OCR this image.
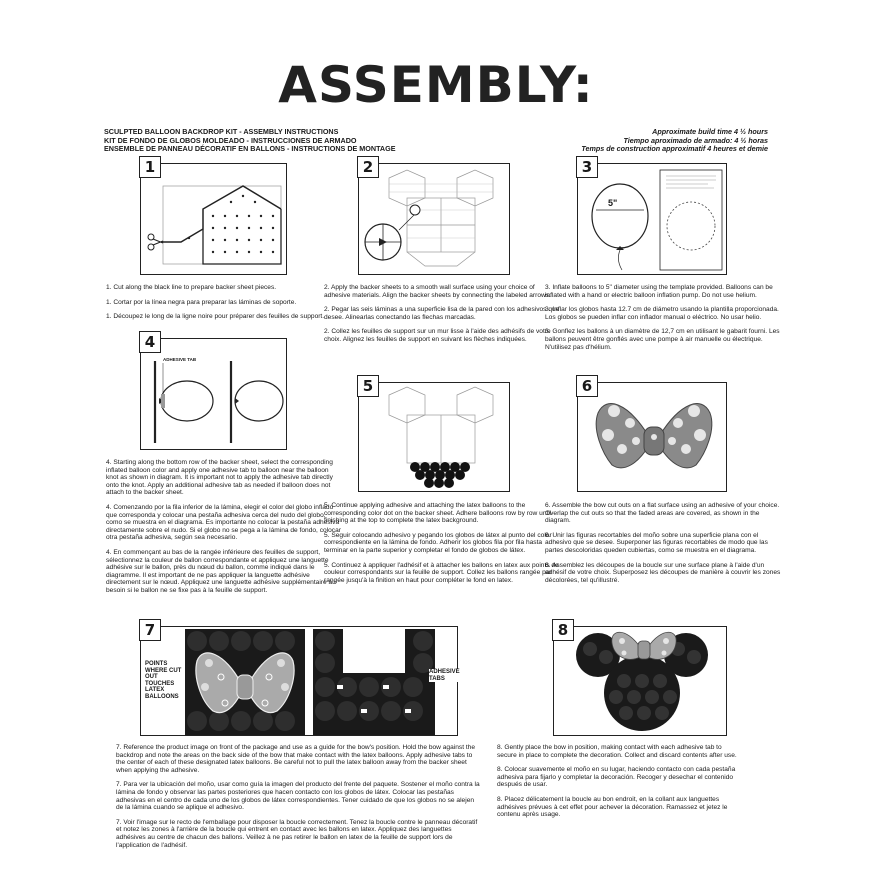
ASSEMBLY:
SCULPTED BALLOON BACKDROP KIT - ASSEMBLY INSTRUCTIONS
KIT DE FONDO DE GLOBOS MOLDEADO - INSTRUCCIONES DE ARMADO
ENSEMBLE DE PANNEAU DÉCORATIF EN BALLONS - INSTRUCTIONS DE MONTAGE
Approximate build time 4 ½ hours
Tiempo aproximado de armado: 4 ½ horas
Temps de construction approximatif 4 heures et demie
1

1. Cut along the black line to prepare backer sheet pieces.

1. Cortar por la línea negra para preparar las láminas de soporte.

1. Découpez le long de la ligne noire pour préparer des feuilles de support.

2

2. Apply the backer sheets to a smooth wall surface using your choice of adhesive materials. Align the backer sheets by connecting the labeled arrows.

2. Pegar las seis láminas a una superficie lisa de la pared con los adhesivos que desee. Alinearlas conectando las flechas marcadas.

2. Collez les feuilles de support sur un mur lisse à l'aide des adhésifs de votre choix. Alignez les feuilles de support en suivant les flèches indiquées.

3
5"

3. Inflate balloons to 5" diameter using the template provided. Balloons can be inflated with a hand or electric balloon inflation pump. Do not use helium.

3. Inflar los globos hasta 12.7 cm de diámetro usando la plantilla proporcionada. Los globos se pueden inflar con inflador manual o eléctrico. No usar helio.

3. Gonflez les ballons à un diamètre de 12,7 cm en utilisant le gabarit fourni. Les ballons peuvent être gonflés avec une pompe à air manuelle ou électrique. N'utilisez pas d'hélium.

4
ADHESIVE TAB

4. Starting along the bottom row of the backer sheet, select the corresponding inflated balloon color and apply one adhesive tab to balloon near the balloon knot as shown in diagram. It is important not to apply the adhesive tab directly onto the knot. Apply an additional adhesive tab as needed if balloon does not attach to the backer sheet.

4. Comenzando por la fila inferior de la lámina, elegir el color del globo inflado que corresponda y colocar una pestaña adhesiva cerca del nudo del globo, como se muestra en el diagrama. Es importante no colocar la pestaña adhesiva directamente sobre el nudo. Si el globo no se pega a la lámina de fondo, colocar otra pestaña adhesiva, según sea necesario.

4. En commençant au bas de la rangée inférieure des feuilles de support, sélectionnez la couleur de ballon correspondante et appliquez une languette adhésive sur le ballon, près du nœud du ballon, comme indiqué dans le diagramme. Il est important de ne pas appliquer la languette adhésive directement sur le nœud. Appliquez une languette adhésive supplémentaire au besoin si le ballon ne se fixe pas à la feuille de support.

5

5. Continue applying adhesive and attaching the latex balloons to the corresponding color dot on the backer sheet. Adhere balloons row by row until finishing at the top to complete the latex background.

5. Seguir colocando adhesivo y pegando los globos de látex al punto del color correspondiente en la lámina de fondo. Adherir los globos fila por fila hasta terminar en la parte superior y completar el fondo de globos de látex.

5. Continuez à appliquer l'adhésif et à attacher les ballons en latex aux points de couleur correspondants sur la feuille de support. Collez les ballons rangée par rangée jusqu'à la finition en haut pour compléter le fond en latex.

6

6. Assemble the bow cut outs on a flat surface using an adhesive of your choice. Overlap the cut outs so that the faded areas are covered, as shown in the diagram.

6. Unir las figuras recortables del moño sobre una superficie plana con el adhesivo que se desee. Superponer las figuras recortables de modo que las partes descoloridas queden cubiertas, como se muestra en el diagrama.

6. Assemblez les découpes de la boucle sur une surface plane à l'aide d'un adhésif de votre choix. Superposez les découpes de manière à couvrir les zones décolorées, tel qu'illustré.

7
POINTS WHERE CUT OUT TOUCHES LATEX BALLOONS
ADHESIVE TABS

7. Reference the product image on front of the package and use as a guide for the bow's position. Hold the bow against the backdrop and note the areas on the back side of the bow that make contact with the latex balloons. Apply adhesive tabs to the center of each of these designated latex balloons. Be careful not to pull the latex balloon away from the backer sheet when applying the adhesive.

7. Para ver la ubicación del moño, usar como guía la imagen del producto del frente del paquete. Sostener el moño contra la lámina de fondo y observar las partes posteriores que hacen contacto con los globos de látex. Colocar las pestañas adhesivas en el centro de cada uno de los globos de látex correspondientes. Tener cuidado de que los globos no se alejen de la lámina cuando se aplique el adhesivo.

7. Voir l'image sur le recto de l'emballage pour disposer la boucle correctement. Tenez la boucle contre le panneau décoratif et notez les zones à l'arrière de la boucle qui entrent en contact avec les ballons en latex. Appliquez des languettes adhésives au centre de chacun des ballons. Veillez à ne pas retirer le ballon en latex de la feuille de support lors de l'application de l'adhésif.

8

8. Gently place the bow in position, making contact with each adhesive tab to secure in place to complete the decoration. Collect and discard contents after use.

8. Colocar suavemente el moño en su lugar, haciendo contacto con cada pestaña adhesiva para fijarlo y completar la decoración. Recoger y desechar el contenido después de usar.

8. Placez délicatement la boucle au bon endroit, en la collant aux languettes adhésives prévues à cet effet pour achever la décoration. Ramassez et jetez le contenu après usage.
